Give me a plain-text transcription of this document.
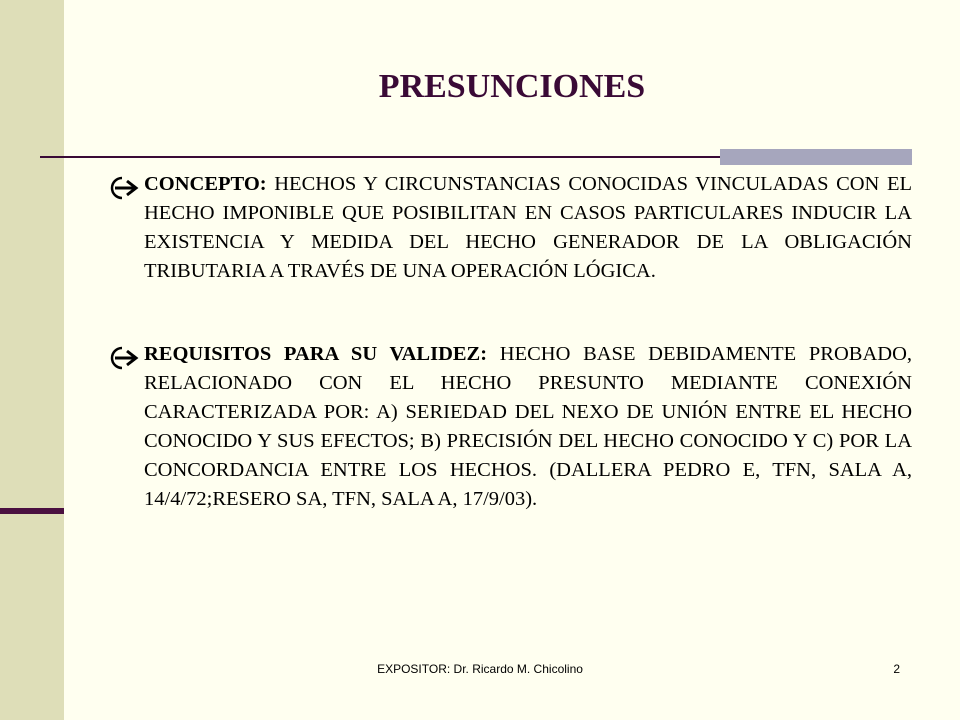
PRESUNCIONES
CONCEPTO: HECHOS Y CIRCUNSTANCIAS CONOCIDAS VINCULADAS CON EL HECHO IMPONIBLE QUE POSIBILITAN EN CASOS PARTICULARES INDUCIR LA EXISTENCIA Y MEDIDA DEL HECHO GENERADOR DE LA OBLIGACIÓN TRIBUTARIA A TRAVÉS DE UNA OPERACIÓN LÓGICA.
REQUISITOS PARA SU VALIDEZ: HECHO BASE DEBIDAMENTE PROBADO, RELACIONADO CON EL HECHO PRESUNTO MEDIANTE CONEXIÓN CARACTERIZADA POR: A) SERIEDAD DEL NEXO DE UNIÓN ENTRE EL HECHO CONOCIDO Y SUS EFECTOS; B) PRECISIÓN DEL HECHO CONOCIDO Y C) POR LA CONCORDANCIA ENTRE LOS HECHOS. (DALLERA PEDRO E, TFN, SALA A, 14/4/72;RESERO SA, TFN, SALA A, 17/9/03).
EXPOSITOR: Dr. Ricardo M. Chicolino	2
